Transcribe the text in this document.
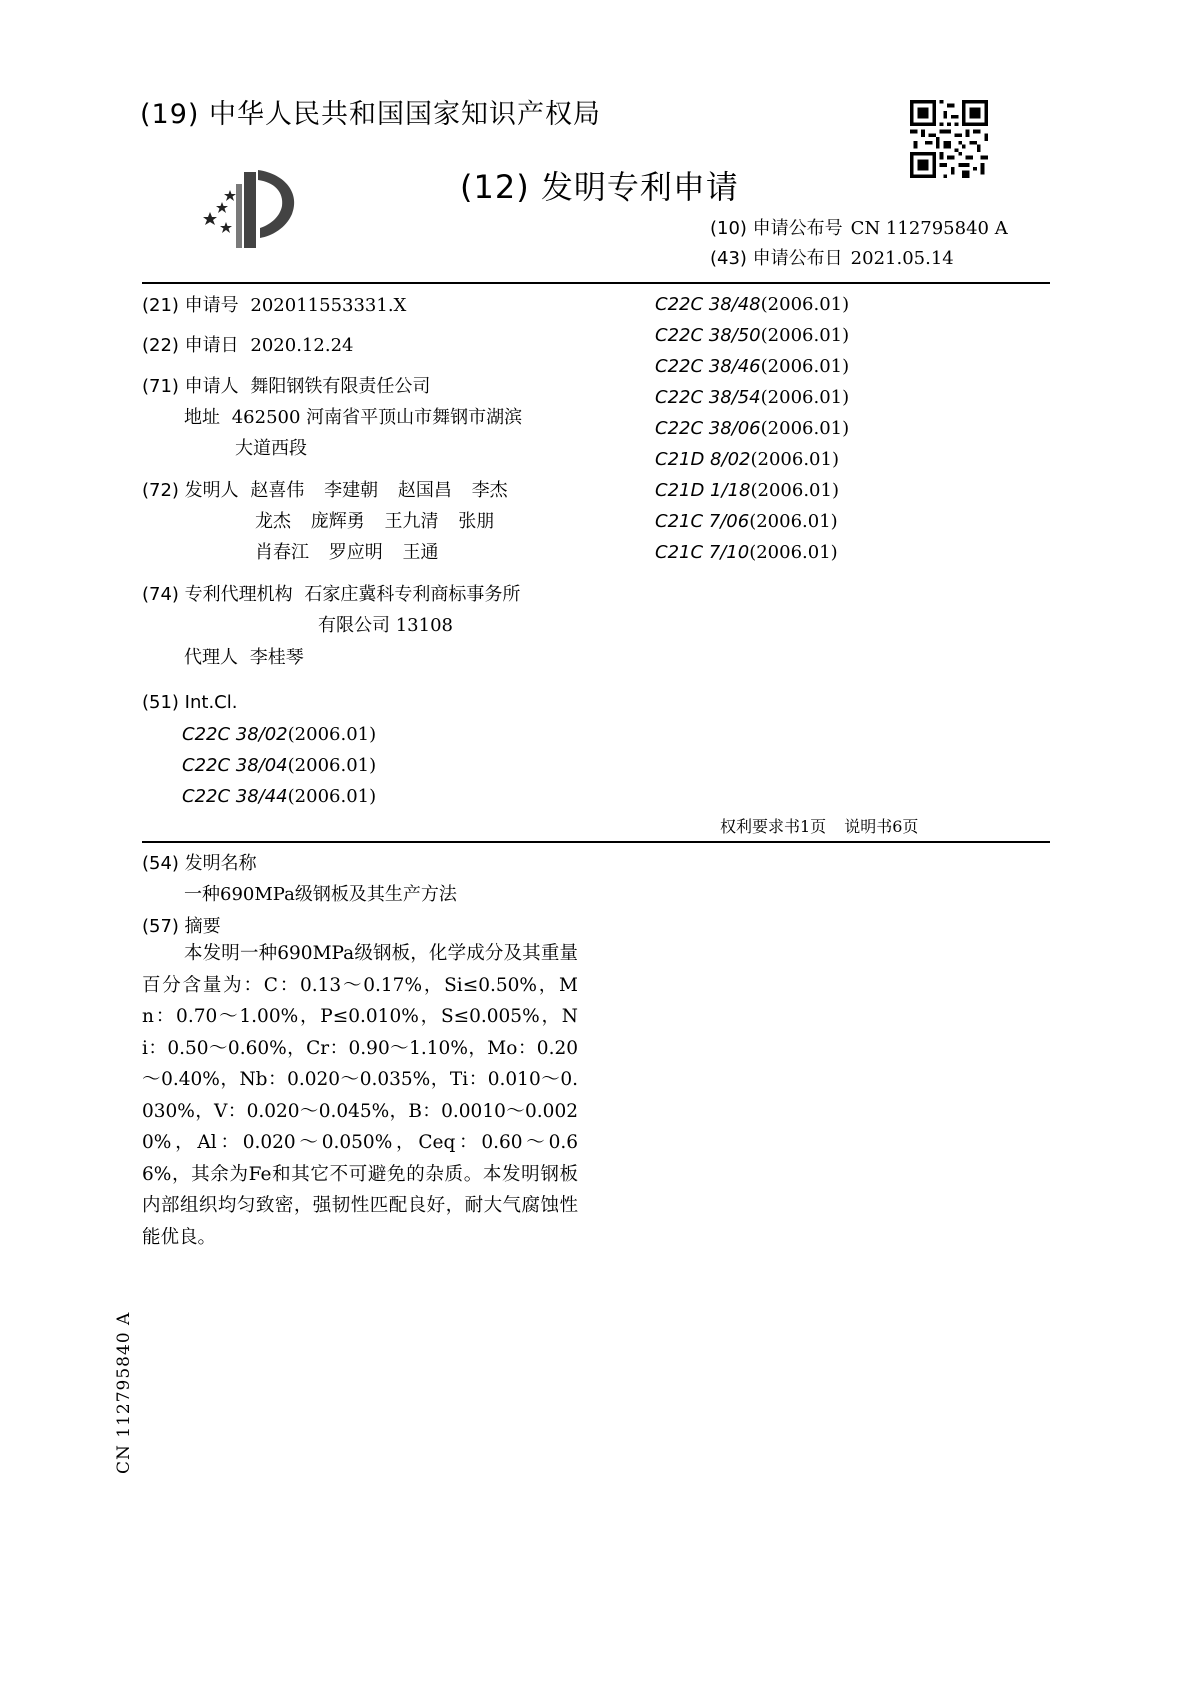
(19) 中华人民共和国国家知识产权局
(12) 发明专利申请
(10) 申请公布号 CN 112795840 A
(43) 申请公布日 2021.05.14
(21) 申请号 202011553331.X
(22) 申请日 2020.12.24
(71) 申请人 舞阳钢铁有限责任公司
地址 462500 河南省平顶山市舞钢市湖滨
大道西段
(72) 发明人 赵喜伟 李建朝 赵国昌 李杰
龙杰 庞辉勇 王九清 张朋
肖春江 罗应明 王通
(74) 专利代理机构 石家庄冀科专利商标事务所
有限公司 13108
代理人 李桂琴
(51) Int.Cl.
C22C 38/02(2006.01)
C22C 38/04(2006.01)
C22C 38/44(2006.01)
C22C 38/48(2006.01)
C22C 38/50(2006.01)
C22C 38/46(2006.01)
C22C 38/54(2006.01)
C22C 38/06(2006.01)
C21D 8/02(2006.01)
C21D 1/18(2006.01)
C21C 7/06(2006.01)
C21C 7/10(2006.01)
权利要求书1页 说明书6页
(54) 发明名称
一种690MPa级钢板及其生产方法
(57) 摘要
本发明一种690MPa级钢板，化学成分及其重量百分含量为：C：0.13～0.17%，Si≤0.50%，Mn：0.70～1.00%，P≤0.010%，S≤0.005%，Ni：0.50～0.60%，Cr：0.90～1.10%，Mo：0.20～0.40%，Nb：0.020～0.035%，Ti：0.010～0.030%，V：0.020～0.045%，B：0.0010～0.0020%，Al：0.020～0.050%，Ceq：0.60～0.66%，其余为Fe和其它不可避免的杂质。本发明钢板内部组织均匀致密，强韧性匹配良好，耐大气腐蚀性能优良。
CN 112795840 A
